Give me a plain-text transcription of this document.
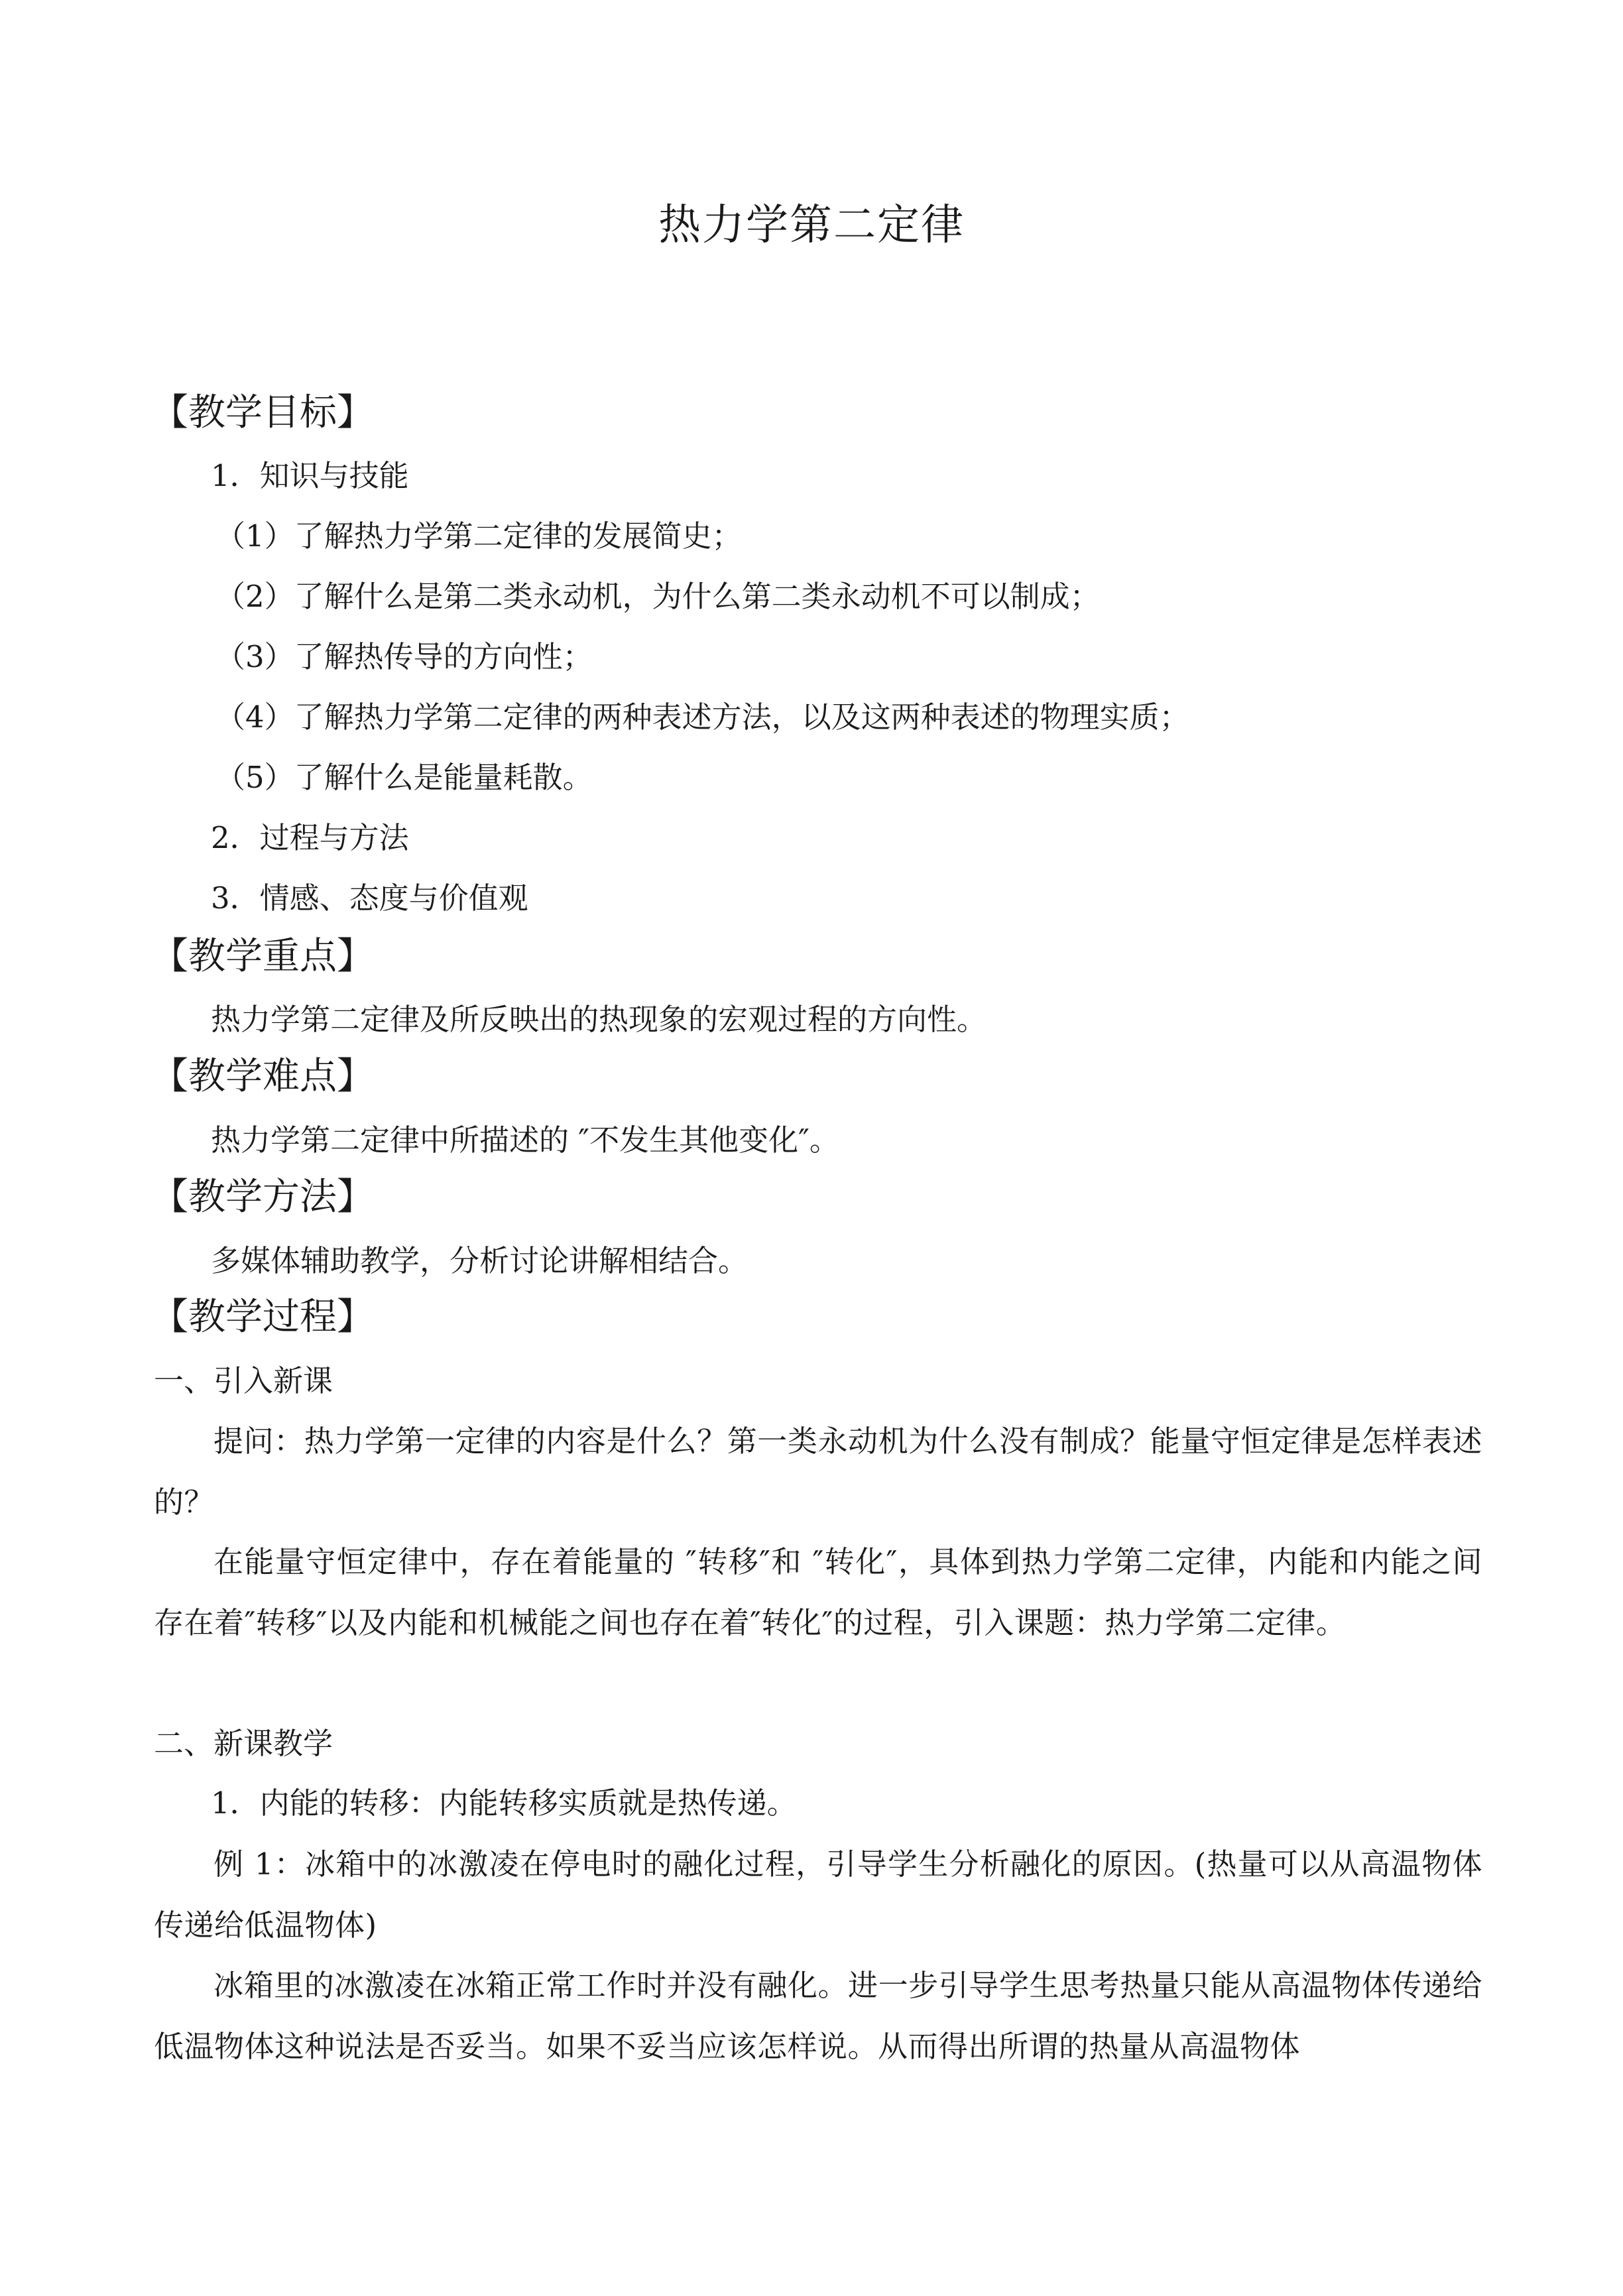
热力学第二定律
【教学目标】
1．知识与技能
（1）了解热力学第二定律的发展简史；
（2）了解什么是第二类永动机，为什么第二类永动机不可以制成；
（3）了解热传导的方向性；
（4）了解热力学第二定律的两种表述方法，以及这两种表述的物理实质；
（5）了解什么是能量耗散。
2．过程与方法
3．情感、态度与价值观
【教学重点】
热力学第二定律及所反映出的热现象的宏观过程的方向性。
【教学难点】
热力学第二定律中所描述的 ″不发生其他变化″。
【教学方法】
多媒体辅助教学，分析讨论讲解相结合。
【教学过程】
一、引入新课
提问：热力学第一定律的内容是什么？第一类永动机为什么没有制成？能量守恒定律是怎样表述的？
在能量守恒定律中，存在着能量的 ″转移″和 ″转化″，具体到热力学第二定律，内能和内能之间存在着″转移″以及内能和机械能之间也存在着″转化″的过程，引入课题：热力学第二定律。
二、新课教学
1．内能的转移：内能转移实质就是热传递。
例 1：冰箱中的冰激凌在停电时的融化过程，引导学生分析融化的原因。(热量可以从高温物体传递给低温物体)
冰箱里的冰激凌在冰箱正常工作时并没有融化。进一步引导学生思考热量只能从高温物体传递给低温物体这种说法是否妥当。如果不妥当应该怎样说。从而得出所谓的热量从高温物体
